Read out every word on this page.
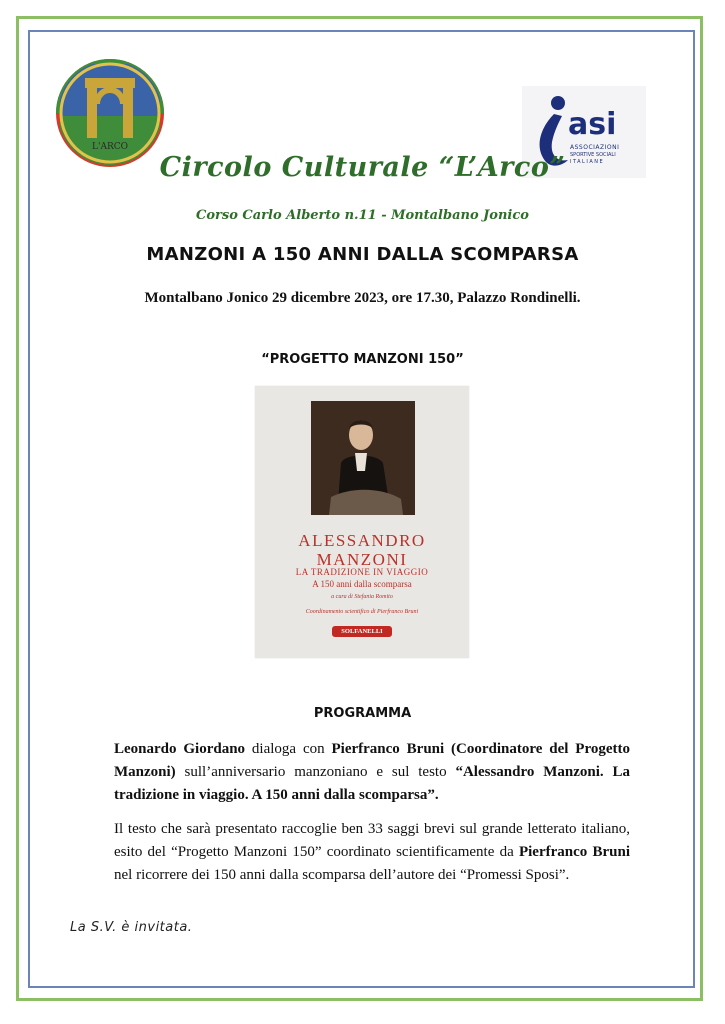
L'ARCO
asi
ASSOCIAZIONI
SPORTIVE SOCIALI
ITALIANE
Circolo Culturale “L’Arco”
Corso Carlo Alberto n.11 - Montalbano Jonico
MANZONI A 150 ANNI DALLA SCOMPARSA
Montalbano Jonico 29 dicembre 2023, ore 17.30, Palazzo Rondinelli.
“PROGETTO MANZONI 150”
ALESSANDRO
MANZONI
LA TRADIZIONE IN VIAGGIO
A 150 anni dalla scomparsa
a cura di Stefania Romito
Coordinamento scientifico di Pierfranco Bruni
SOLFANELLI
PROGRAMMA
Leonardo Giordano dialoga con Pierfranco Bruni (Coordinatore del Progetto Manzoni) sull’anniversario manzoniano e sul testo “Alessandro Manzoni. La tradizione in viaggio. A 150 anni dalla scomparsa”.
Il testo che sarà presentato raccoglie ben 33 saggi brevi sul grande letterato italiano, esito del “Progetto Manzoni 150” coordinato scientificamente da Pierfranco Bruni nel ricorrere dei 150 anni dalla scomparsa dell’autore dei “Promessi Sposi”.
La S.V. è invitata.
